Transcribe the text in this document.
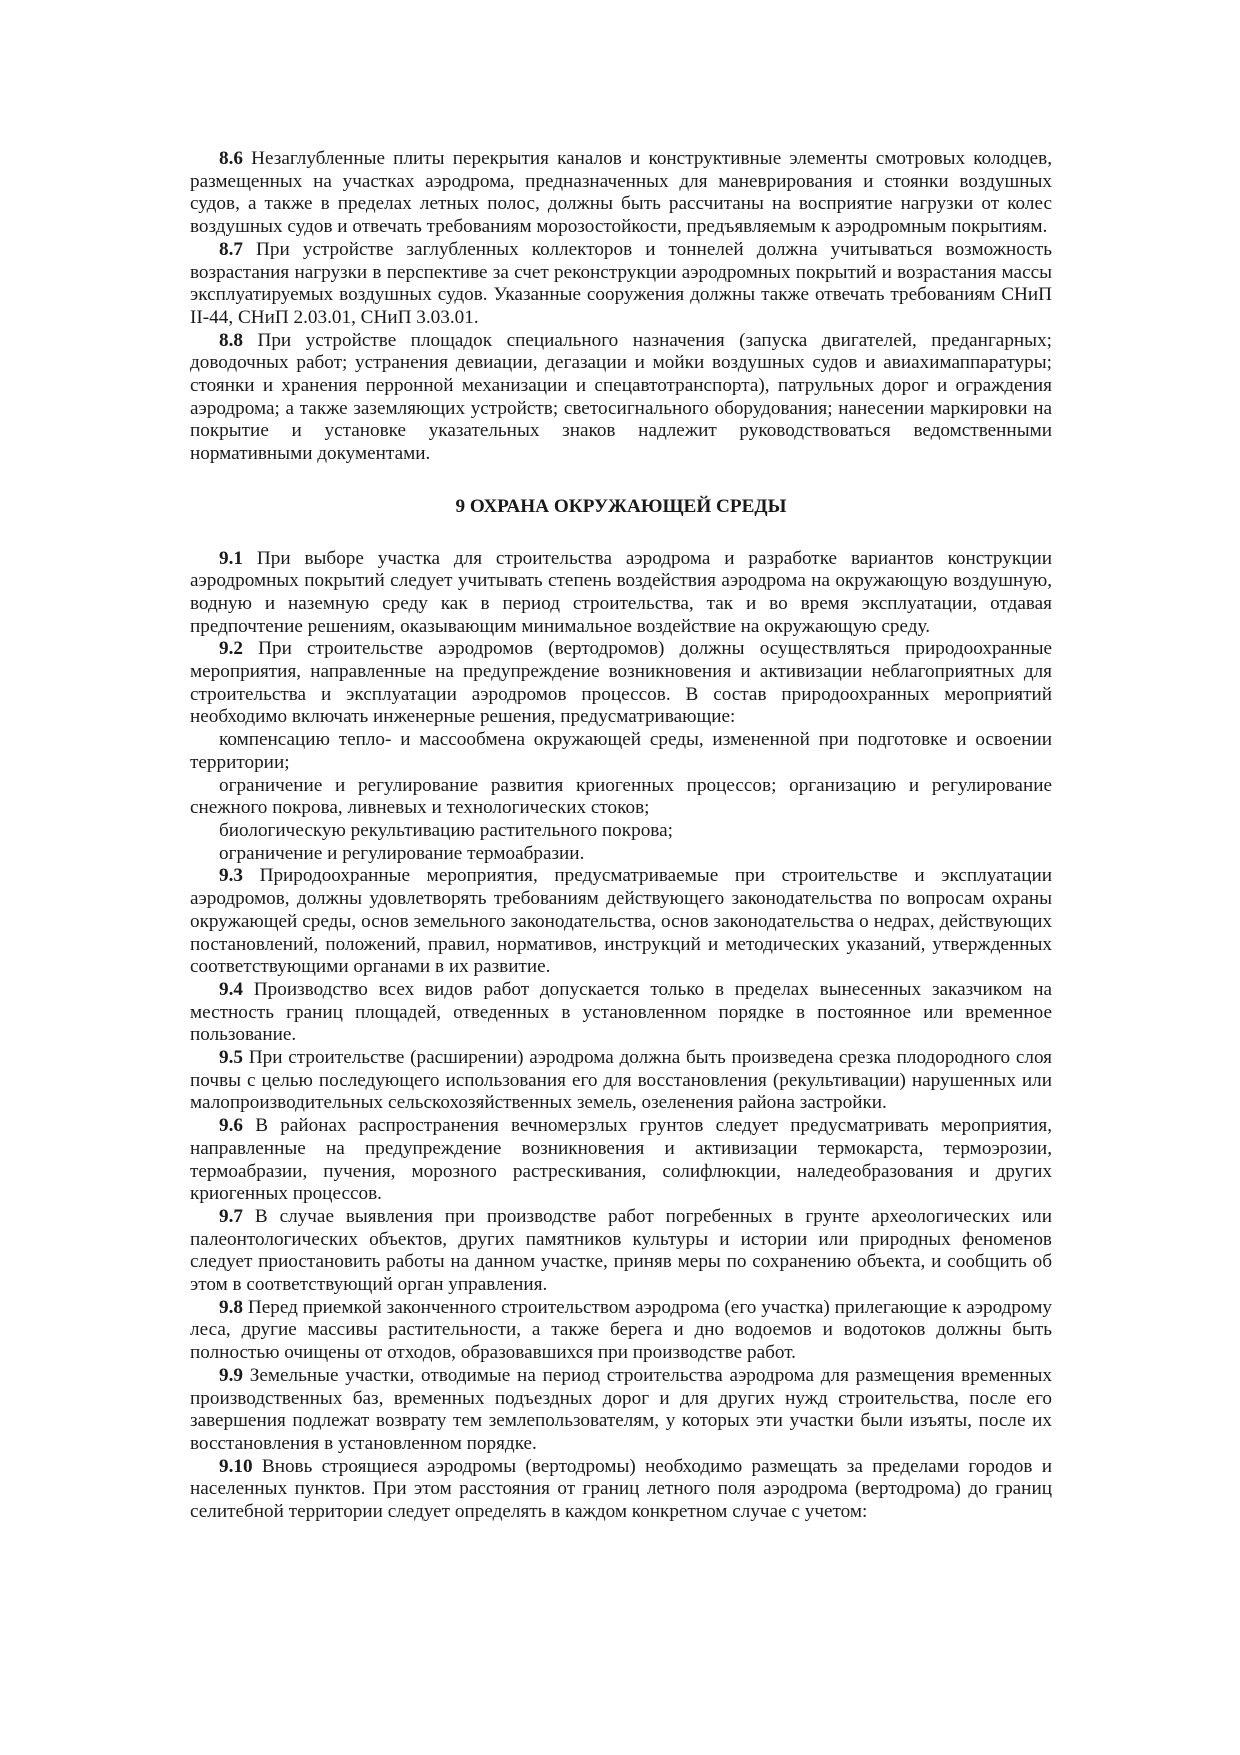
8.6 Незаглубленные плиты перекрытия каналов и конструктивные элементы смотровых колодцев, размещенных на участках аэродрома, предназначенных для маневрирования и стоянки воздушных судов, а также в пределах летных полос, должны быть рассчитаны на восприятие нагрузки от колес воздушных судов и отвечать требованиям морозостойкости, предъявляемым к аэродромным покрытиям.

8.7 При устройстве заглубленных коллекторов и тоннелей должна учитываться возможность возрастания нагрузки в перспективе за счет реконструкции аэродромных покрытий и возрастания массы эксплуатируемых воздушных судов. Указанные сооружения должны также отвечать требованиям СНиП II-44, СНиП 2.03.01, СНиП 3.03.01.

8.8 При устройстве площадок специального назначения (запуска двигателей, предангарных; доводочных работ; устранения девиации, дегазации и мойки воздушных судов и авиахимаппаратуры; стоянки и хранения перронной механизации и спецавтотранспорта), патрульных дорог и ограждения аэродрома; а также заземляющих устройств; светосигнального оборудования; нанесении маркировки на покрытие и установке указательных знаков надлежит руководствоваться ведомственными нормативными документами.

9 ОХРАНА ОКРУЖАЮЩЕЙ СРЕДЫ

9.1 При выборе участка для строительства аэродрома и разработке вариантов конструкции аэродромных покрытий следует учитывать степень воздействия аэродрома на окружающую воздушную, водную и наземную среду как в период строительства, так и во время эксплуатации, отдавая предпочтение решениям, оказывающим минимальное воздействие на окружающую среду.

9.2 При строительстве аэродромов (вертодромов) должны осуществляться природоохранные мероприятия, направленные на предупреждение возникновения и активизации неблагоприятных для строительства и эксплуатации аэродромов процессов. В состав природоохранных мероприятий необходимо включать инженерные решения, предусматривающие:

компенсацию тепло- и массообмена окружающей среды, измененной при подготовке и освоении территории;

ограничение и регулирование развития криогенных процессов; организацию и регулирование снежного покрова, ливневых и технологических стоков;

биологическую рекультивацию растительного покрова;

ограничение и регулирование термоабразии.

9.3 Природоохранные мероприятия, предусматриваемые при строительстве и эксплуатации аэродромов, должны удовлетворять требованиям действующего законодательства по вопросам охраны окружающей среды, основ земельного законодательства, основ законодательства о недрах, действующих постановлений, положений, правил, нормативов, инструкций и методических указаний, утвержденных соответствующими органами в их развитие.

9.4 Производство всех видов работ допускается только в пределах вынесенных заказчиком на местность границ площадей, отведенных в установленном порядке в постоянное или временное пользование.

9.5 При строительстве (расширении) аэродрома должна быть произведена срезка плодородного слоя почвы с целью последующего использования его для восстановления (рекультивации) нарушенных или малопроизводительных сельскохозяйственных земель, озеленения района застройки.

9.6 В районах распространения вечномерзлых грунтов следует предусматривать мероприятия, направленные на предупреждение возникновения и активизации термокарста, термоэрозии, термоабразии, пучения, морозного растрескивания, солифлюкции, наледеобразования и других криогенных процессов.

9.7 В случае выявления при производстве работ погребенных в грунте археологических или палеонтологических объектов, других памятников культуры и истории или природных феноменов следует приостановить работы на данном участке, приняв меры по сохранению объекта, и сообщить об этом в соответствующий орган управления.

9.8 Перед приемкой законченного строительством аэродрома (его участка) прилегающие к аэродрому леса, другие массивы растительности, а также берега и дно водоемов и водотоков должны быть полностью очищены от отходов, образовавшихся при производстве работ.

9.9 Земельные участки, отводимые на период строительства аэродрома для размещения временных производственных баз, временных подъездных дорог и для других нужд строительства, после его завершения подлежат возврату тем землепользователям, у которых эти участки были изъяты, после их восстановления в установленном порядке.

9.10 Вновь строящиеся аэродромы (вертодромы) необходимо размещать за пределами городов и населенных пунктов. При этом расстояния от границ летного поля аэродрома (вертодрома) до границ селитебной территории следует определять в каждом конкретном случае с учетом:
